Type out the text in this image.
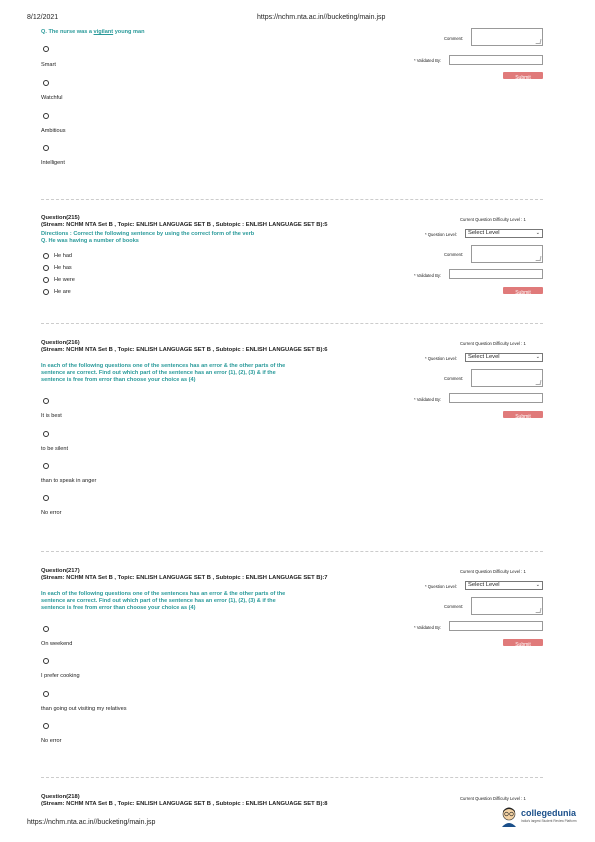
8/12/2021	https://nchm.nta.ac.in//bucketing/main.jsp
Q. The nurse was a vigilant young man
Smart
Watchful
Ambitious
Intelligent
Comment:
* Validated By:
Submit
Question(215)
(Stream: NCHM NTA Set B , Topic: ENLISH LANGUAGE SET B , Subtopic : ENLISH LANGUAGE SET B):5
Directions : Correct the following sentence by using the correct form of the verb
Q. He was having a number of books
He had
He has
He were
He are
Current Question Difficulty Level : 1
* Question Level:	Select Level	⌄
Comment:
* Validated By:
Submit
Question(216)
(Stream: NCHM NTA Set B , Topic: ENLISH LANGUAGE SET B , Subtopic : ENLISH LANGUAGE SET B):6
In each of the following questions one of the sentences has an error & the other parts of the
sentence are correct. Find out which part of the sentence has an error (1), (2), (3) & if the
sentence is free from error than choose your choice as (4)
It is best
to be silent
than to speak in anger
No error
Current Question Difficulty Level : 1
* Question Level:	Select Level	⌄
Comment:
* Validated By:
Submit
Question(217)
(Stream: NCHM NTA Set B , Topic: ENLISH LANGUAGE SET B , Subtopic : ENLISH LANGUAGE SET B):7
In each of the following questions one of the sentences has an error & the other parts of the
sentence are correct. Find out which part of the sentence has an error (1), (2), (3) & if the
sentence is free from error than choose your choice as (4)
On weekend
I prefer cooking
than going out visiting my relatives
No error
Current Question Difficulty Level : 1
* Question Level:	Select Level	⌄
Comment:
* Validated By:
Submit
Question(218)
(Stream: NCHM NTA Set B , Topic: ENLISH LANGUAGE SET B , Subtopic : ENLISH LANGUAGE SET B):8
Current Question Difficulty Level : 1
https://nchm.nta.ac.in//bucketing/main.jsp
collegedunia
India's largest Student Review Platform
